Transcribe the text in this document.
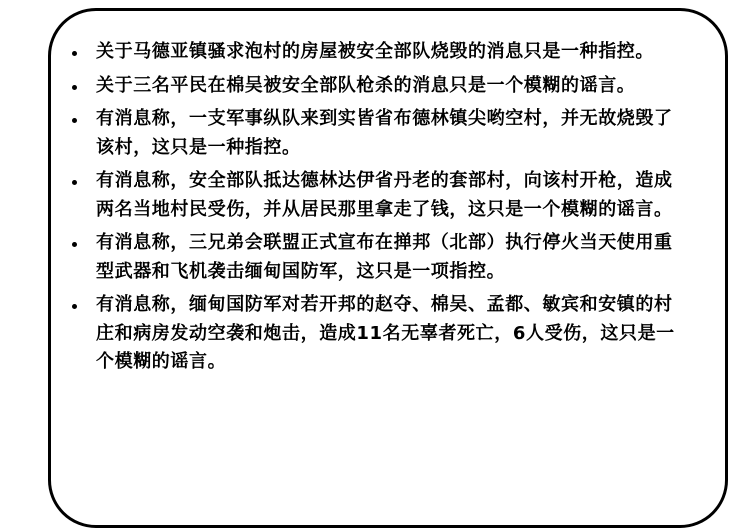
关于马德亚镇骚求泡村的房屋被安全部队烧毁的消息只是一种指控。
关于三名平民在棉吴被安全部队枪杀的消息只是一个模糊的谣言。
有消息称，一支军事纵队来到实皆省布德林镇尖哟空村，并无故烧毁了该村，这只是一种指控。
有消息称，安全部队抵达德林达伊省丹老的套部村，向该村开枪，造成两名当地村民受伤，并从居民那里拿走了钱，这只是一个模糊的谣言。
有消息称，三兄弟会联盟正式宣布在掸邦（北部）执行停火当天使用重型武器和飞机袭击缅甸国防军，这只是一项指控。
有消息称，缅甸国防军对若开邦的赵夺、棉吴、孟都、敏宾和安镇的村庄和病房发动空袭和炮击，造成11名无辜者死亡，6人受伤，这只是一个模糊的谣言。
